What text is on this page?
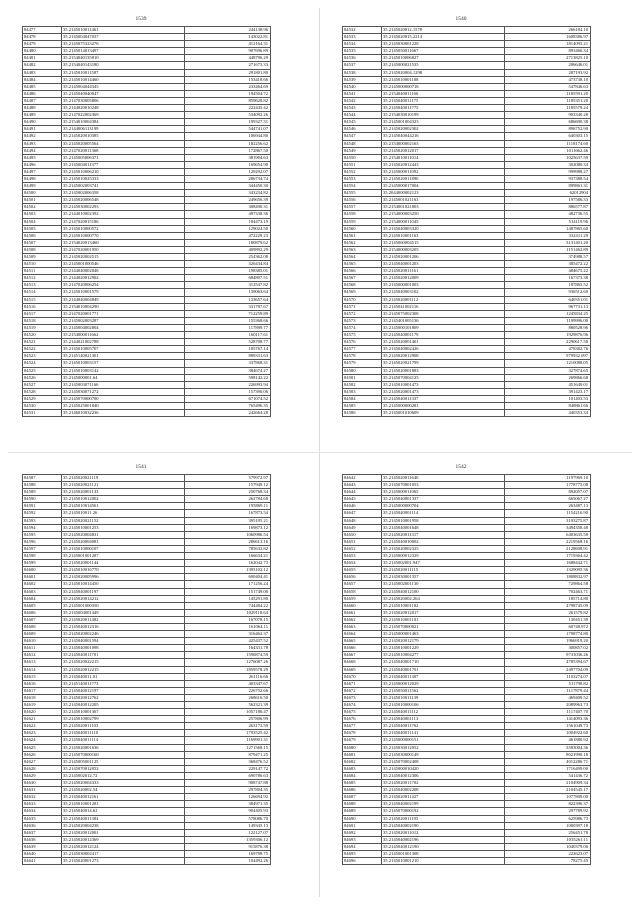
1539
84477	35.2145010011461	244138.96
84478	35.2145004047037	143022.81
84479	35.2145075323276	412164.31
84480	35.2145014013497	907696.89
84481	35.2154040135810	448796.29
84482	35.2154040143180	271673.33
84483	35.2145010011587	291801.80
84484	35.2145010014460	153418.66
84485	35.2145004044345	233464.69
84486	35.2145040040047	194504.72
84487	35.2147030005806	859628.82
84488	35.2144020010248	222445.42
84489	35.2147022002369	534092.26
84490	35.2154010004384	199327.31
84491	35.2144006113199	544741.07
84492	35.2145020010385	106944.80
84493	35.2145020005564	182256.62
84494	35.2147020011368	172867.50
84495	35.2145005006371	381904.63
84496	35.2145004011377	169654.90
84497	35.2145010006210	129292.07
84498	35.2145010025333	286734.74
84499	35.2145002003741	344450.30
84500	35.2145002006358	343234.82
84501	35.2145020006548	249656.39
84502	35.2145030002293	308490.31
84503	35.2144010002392	497338.36
84504	35.2147020015186	184473.19
84505	35.2145010000572	129024.50
84506	35.2145010000770	472229.23
84507	35.2154020013460	180879.62
84508	35.2147020001950	409892.29
84509	35.2145020002515	254362.08
84510	35.2145001000546	326434.84
84511	35.2144040002848	198385.01
84512	35.2144020012902	684807.51
84513	35.2147020006254	312547.82
84514	35.2145010001579	139063.64
84515	35.2144040004849	133657.64
84516	35.2154010004290	331787.67
84517	35.2147020001771	712259.89
84518	35.2145002003287	155368.66
84519	35.2145004002804	117899.77
84520	35.2154000011662	160117.61
84521	35.2144021002788	528708.77
84522	35.2145010005707	185767.14
84523	35.2145140021301	889331.63
84524	35.2145010003157	337868.31
84525	35.2145010003142	384674.27
84526	35.2145000001.64	598142.22
84527	35.2145003071166	226993.94
84528	35.2145030071272	157390.06
84529	35.2145070000700	671074.52
84530	35.2145025001840	765496.35
84531	35.2146010032236	242664.28
1540
84532	35.2145020012.1578	266184.10
84533	35.2145020015.2214	1608386.97
84534	35.2145030001228	1814095.21
84535	35.2145050011667	893466.34
84536	35.2145010006827	2713825.10
84537	35.2145000021535	206646.01
84538	35.2145020004.1298	287193.92
84539	35.2145010001108	473738.10
84540	35.2145000000718	547846.63
84541	35.2154040011166	1185591.20
84542	35.2145040011175	1185351.20
84543	35.2145040011775	1185579.24
84544	35.2154030010199	903340.28
84545	35.2145001004323	686690.38
84546	35.2145020002302	896752.90
84547	35.2145040044216	640303.15
84548	35.2154000002163	1118174.60
84549	35.2145020012017	1011662.46
84550	35.2154010011014	1025637.59
84551	35.2145020012443	302080.34
84552	35.2145000011092	999988.27
84553	35.2145020011890	937388.54
84554	35.2145000017004	899861.31
84555	35.2044000002123	62012904
84556	35.2145001021163	197586.33
84557	35.2154001021803	886577.87
84558	35.2154000003250	482736.55
84559	35.2154000011045	514119.96
84560	35.2145040003320	1487865.60
84561	35.2145010001163	332411.29
84562	35.2145060004515	3131401.20
84563	35.2154000003205	1151462.89
84564	35.2145020001206	374988.57
84565	35.2145040001203	385472.22
84566	35.2145020011161	484675.22
84567	35.2145020012009	167373.38
84568	35.2145000001003	187865.52
84569	35.2145040003102	936512.60
84570	35.2145020001112	640351.01
84571	35.2145041002116	967731.13
84572	35.2145075002308	1245834.25
84573	35.2145401005136	1199996.00
84574	35.2145000101809	880528.96
84575	35.2145040001179	1929876.96
84576	35.2145020001401	2290617.58
84577	35.2145040002426	478382.76
84578	35.2145020012908	979932.097
84579	35.2145020021799	1210088.05
84580	35.2145020001883	327874.65
84581	35.2145070004125	269866.68
84582	35.2145010001473	451649.01
84583	35.2145020001473	391423.17
84584	35.2145040011337	101403.53
84585	35.2145000000281	848861.66
84586	35.2145001010609	440353.34
1541
84587	35.2145020021119	579972.97
84588	35.2145020021121	157949.12
84589	35.2145020001133	250768.34
84590	35.2145010012002	262784.68
84591	35.2145010014561	195869.11
84592	35.2145010011.26	167873.54
84593	35.2145020021152	395195.21
84594	35.2145010001253	169873.12
84595	35.2145020004831	1060986.54
84596	35.2145020004081	286613.16
84597	35.2145010000107	785632.82
84598	35.2145001001287	166634.21
84599	35.2145020001144	162042.73
84600	35.2145010016770	1395102.12
84601	35.2145020005996	690404.41
84602	35.2145010014450	171256.24
84603	35.2145040001197	151749.06
84604	35.2145020014212	145291.80
84605	35.2145001000350	744484.22
84606	35.2145004001449	1029118.64
84607	35.2145020011482	167078.15
84608	35.2145040012316	161064.11
84609	35.2145020002246	316462.37
84610	35.2145040001594	425437.52
84611	35.2145040001098	164331.78
84612	35.2145040011701	1596874.59
84613	35.2145020022215	1276087.26
84614	35.2145020012215	1859578.29
84615	35.2145040011.01	261116.66
84616	35.2145140011773	403347.67
84617	35.2145040012197	226752.66
84618	35.2145020012762	268616.50
84619	35.2145040012205	562321.39
84620	35.2145010001367	1057186.47
84621	35.2145010002799	257806.99
84622	35.2145020011103	263173.59
84623	35.2145040011110	1793525.42
84624	35.2145040011114	1169901.31
84625	35.2145020001636	1271568.15
84626	35.2145070000160	879471.25
84627	35.2145005001125	368476.52
84628	35.2145070012052	229147.72
84629	35.2145002012.72	690786.63
84630	35.2145020004333	908747.88
84631	35.2145020002.54	297804.35
84632	35.2145040012161	126694.92
84633	35.2145010001281	384971.35
84634	35.2145040014.62	904405.93
84635	35.2145040011384	578086.70
84636	35.2145020004238	149345.13
84637	35.2145020012001	122127.07
84638	35.2145020012369	1359306.12
84639	35.2145020012124	915876.38
84640	35.2145030002417	169788.75
84641	35.2145020001273	104492.26
1542
84642	35.2145020011640	1197969.10
84643	35.2145070001053	1778775.08
84644	35.2145000011065	892057.07
84645	35.2145040001337	665067.27
84646	35.2145000000704	263487.13
84647	35.2145040001114	1154216.90
84648	35.2145010001958	3193275.87
84649	35.2145040001648	3494358.48
84650	35.2145020011317	6403635.58
84651	35.2145040010002	2219568.16
84652	35.2145020002325	2128608.91
84653	35.2145000012329	1719304.42
84654	35.2145002001.947	1688442.71
84655	35.2145020011115	1329095.36
84656	35.2145030001357	1808832.97
84657	35.2145002001130	729864.58
84658	35.2145040012100	702463.71
84659	35.2145020002.264	185714.80
84660	35.2145010001182	4798745.09
84661	35.2145020012017	261579.82
84662	35.2145010001101	130451.39
84663	35.2145070000021	60748.972
84664	35.2145000001463	1798774.80
84665	35.2145020012179	1966919.20
84666	35.2145010001229	300857.02
84667	35.2145010004277	9731036.26
84668	35.2145040001710	4785394.67
84669	35.2145040001701	2497704.09
84670	35.2145040011307	1103274.07
84671	35.2145000012029	511798.82
84672	35.2145050011562	1117879.44
84673	35.2145010011139	469409.52
84674	35.2145010000106	2089963.73
84675	35.2145040011112	1117407.70
84676	35.2145040001113	1414093.36
84677	35.2145040011762	1561049.73
84678	35.2145040011141	1004922.60
84679	35.2145000000151	461880.92
84680	35.2145030012052	3583004.36
84681	35.2145030000149	8021990.18
84682	35.2145070002408	4012286.71
84683	35.2145000010420	1716499.00
84684	35.2145040012306	541436.72
84685	35.2145020011702	2104909.34
84686	35.2145040002208	2104545.17
84687	35.2145020011427	1077809.00
84688	35.2145040002199	822396.37
84689	35.2145070000192	297789.92
84690	35.2145020011195	625986.73
84691	35.2145040002190	1000397.18
84692	35.2145020011012	256451.78
84693	35.2145040002196	1035261.11
84694	35.2145040012190	1040379.06
84695	35.2145001001308	222623.07
84696	35.2145010001210	78275.45
